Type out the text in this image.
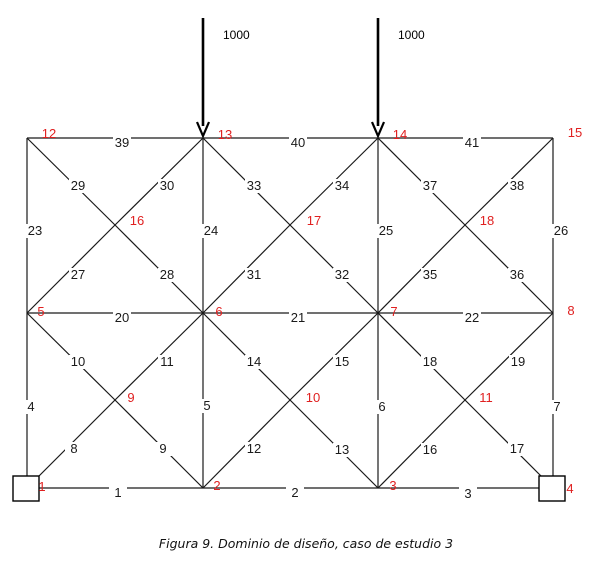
1000	1000
1	2	3
4	5	6	7
8	9
10	11
12	13
14	15
16	17
18	19
20	21	22
23	24	25	26
27	28
29	30
31	32
33	34
35	36
37	38
39	40	41
1	2	3	4
5	6	7	8
9	10	11
12	13	14	15
16	17	18
Figura 9. Dominio de diseño, caso de estudio 3
